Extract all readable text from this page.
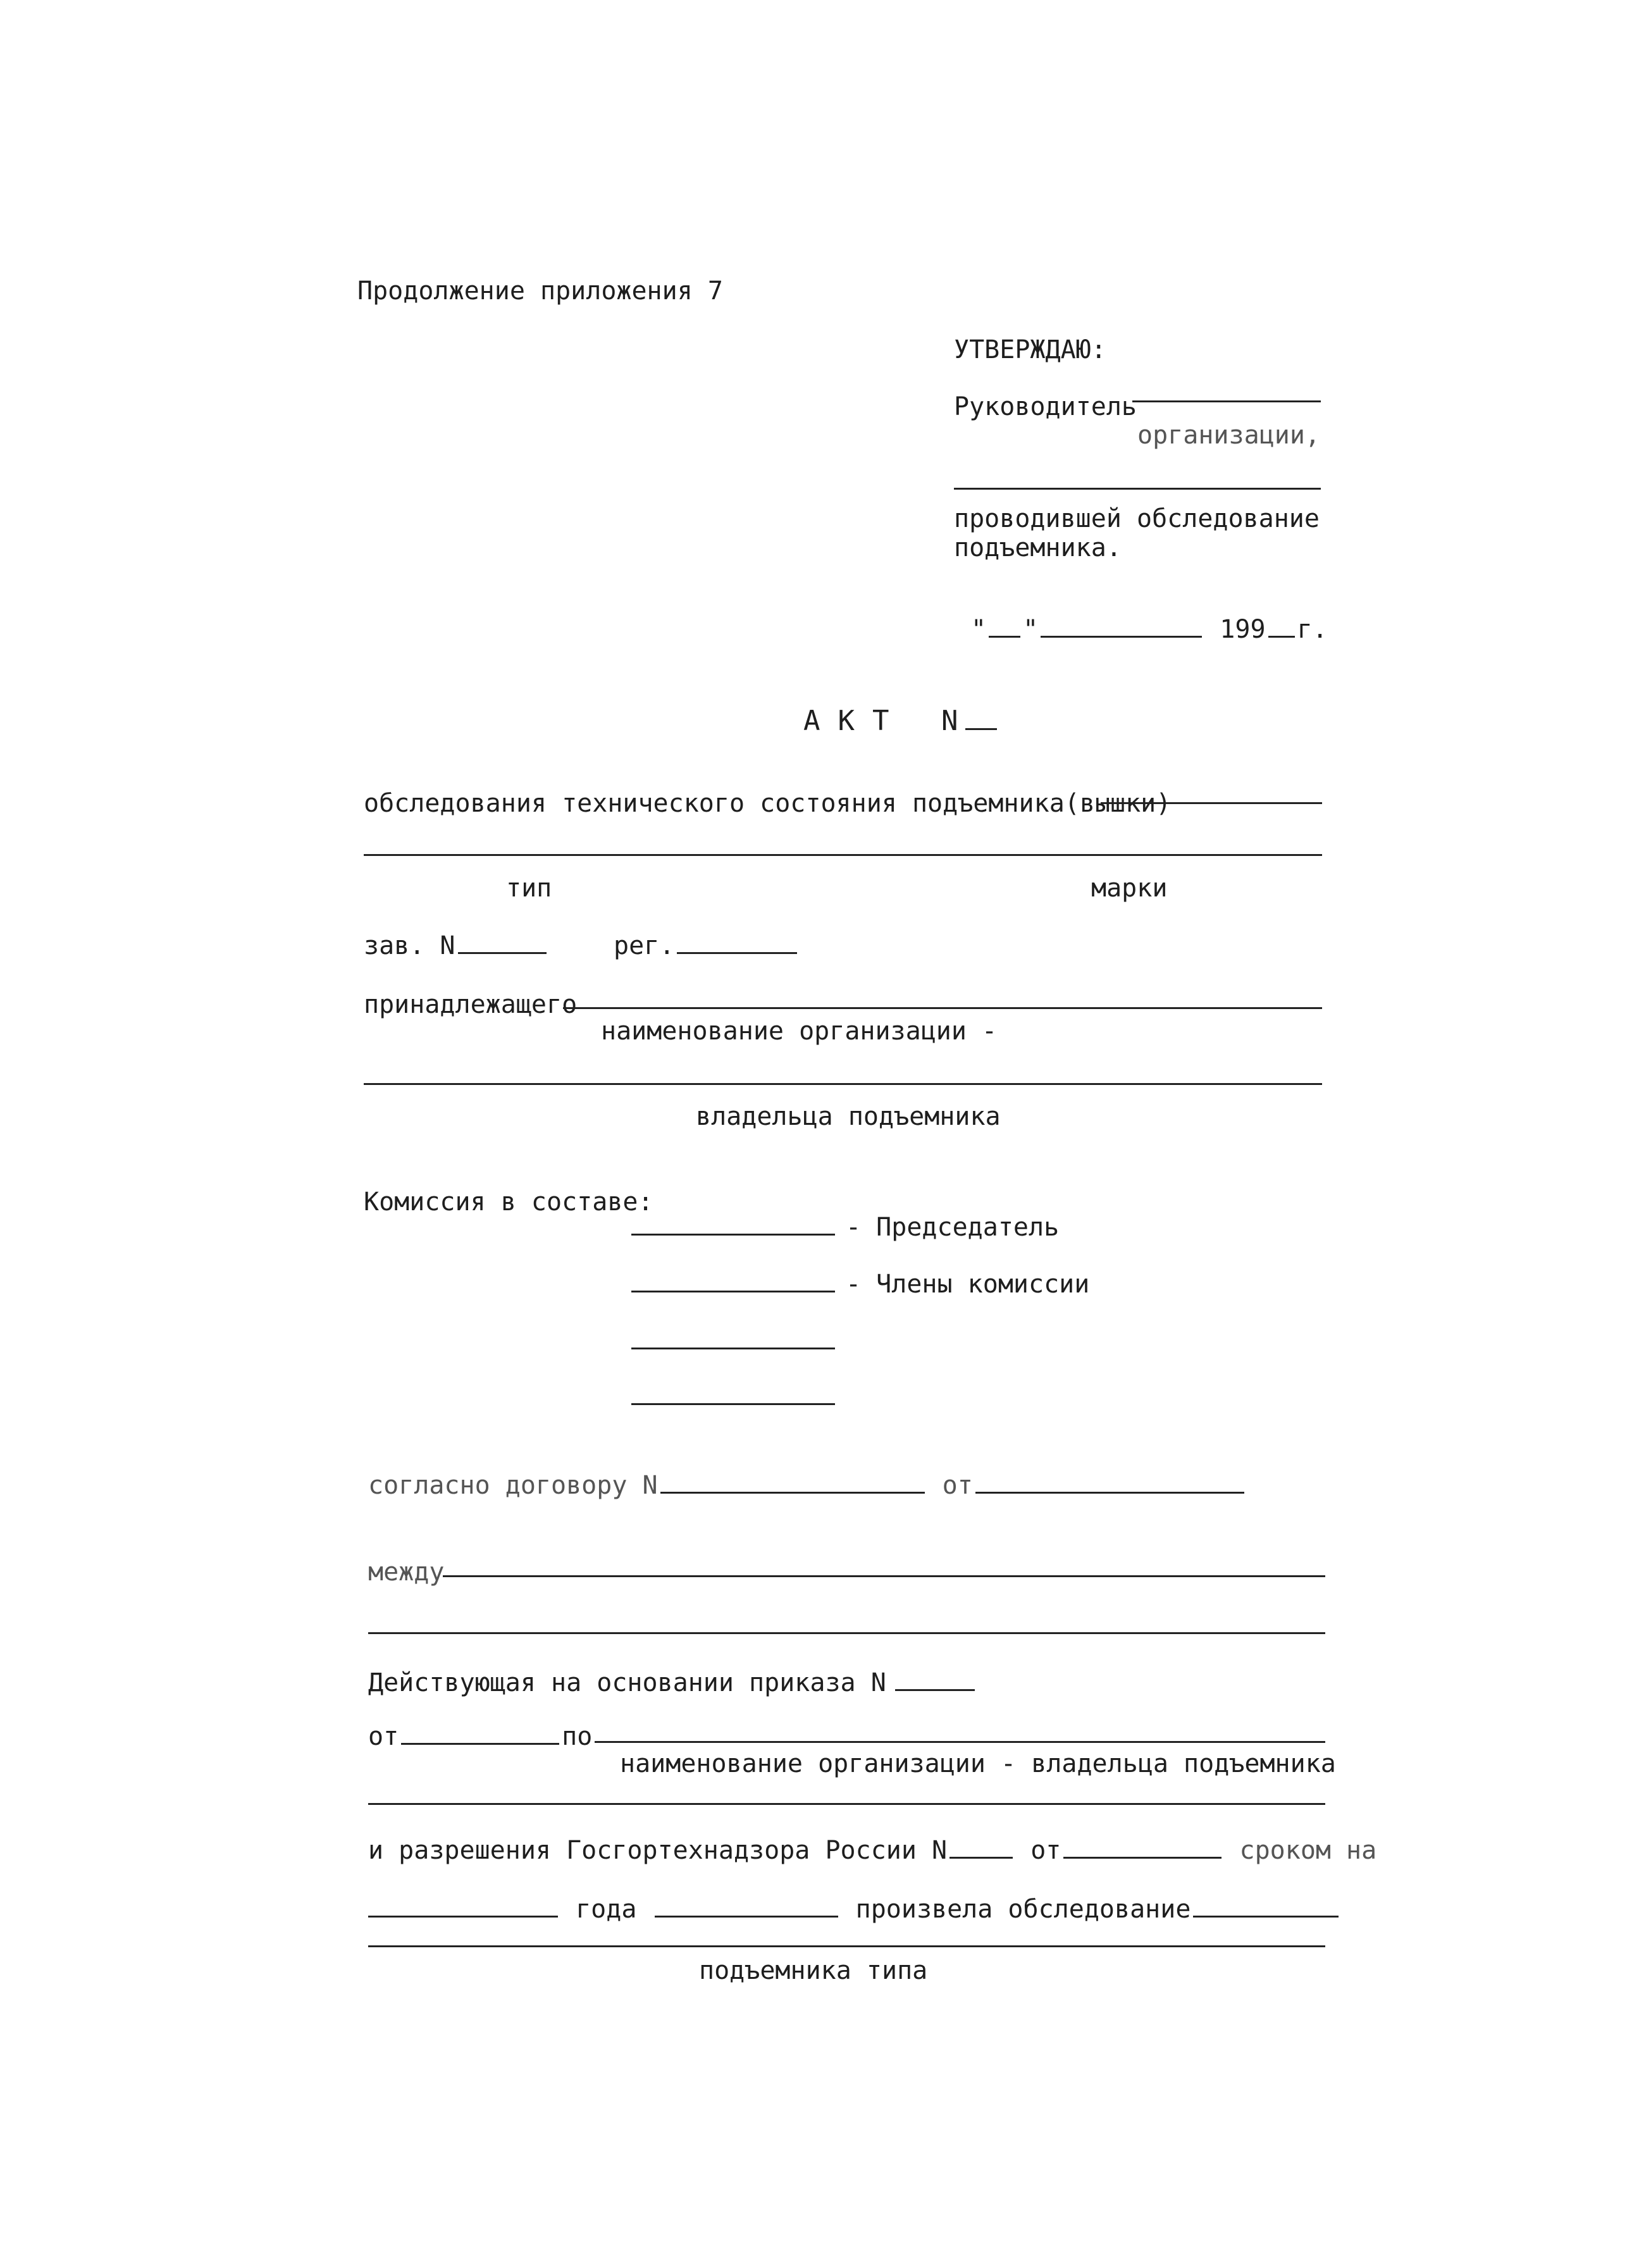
Продолжение приложения 7
УТВЕРЖДАЮ:
Руководитель
организации,
проводившей обследование
подъемника.
" "	199 г.
АКТ N
обследования технического состояния подъемника(вышки)
тип	марки
зав. N	рег.
принадлежащего
наименование организации -
владельца подъемника
Комиссия в составе:
- Председатель
- Члены комиссии
согласно договору N	от
между
Действующая на основании приказа N
от	по
наименование организации - владельца подъемника
и разрешения Госгортехнадзора России N	от	сроком на
года	произвела обследование
подъемника типа
